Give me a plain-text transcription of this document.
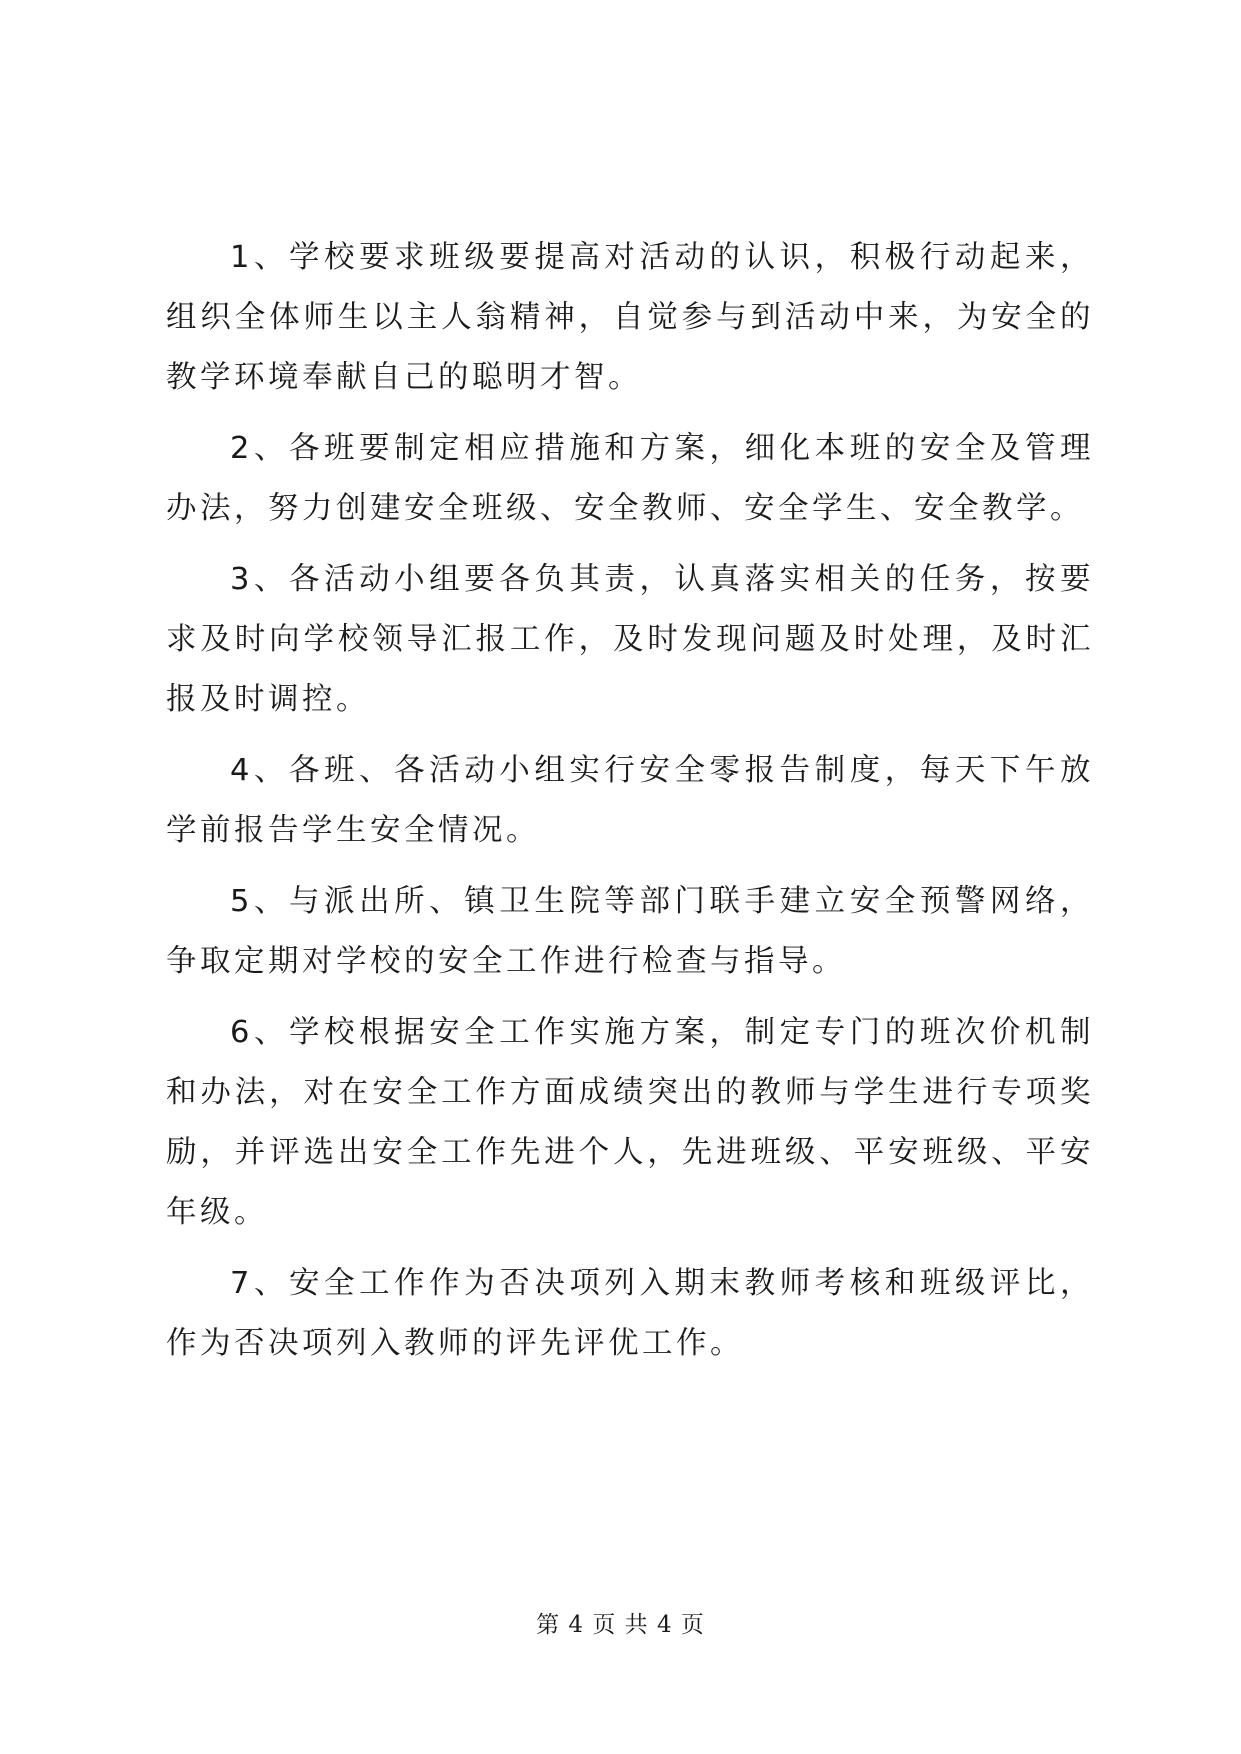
1、学校要求班级要提高对活动的认识，积极行动起来，组织全体师生以主人翁精神，自觉参与到活动中来，为安全的教学环境奉献自己的聪明才智。

2、各班要制定相应措施和方案，细化本班的安全及管理办法，努力创建安全班级、安全教师、安全学生、安全教学。

3、各活动小组要各负其责，认真落实相关的任务，按要求及时向学校领导汇报工作，及时发现问题及时处理，及时汇报及时调控。

4、各班、各活动小组实行安全零报告制度，每天下午放学前报告学生安全情况。

5、与派出所、镇卫生院等部门联手建立安全预警网络，争取定期对学校的安全工作进行检查与指导。

6、学校根据安全工作实施方案，制定专门的班次价机制和办法，对在安全工作方面成绩突出的教师与学生进行专项奖励，并评选出安全工作先进个人，先进班级、平安班级、平安年级。

7、安全工作作为否决项列入期末教师考核和班级评比，作为否决项列入教师的评先评优工作。

第 4 页 共 4 页
